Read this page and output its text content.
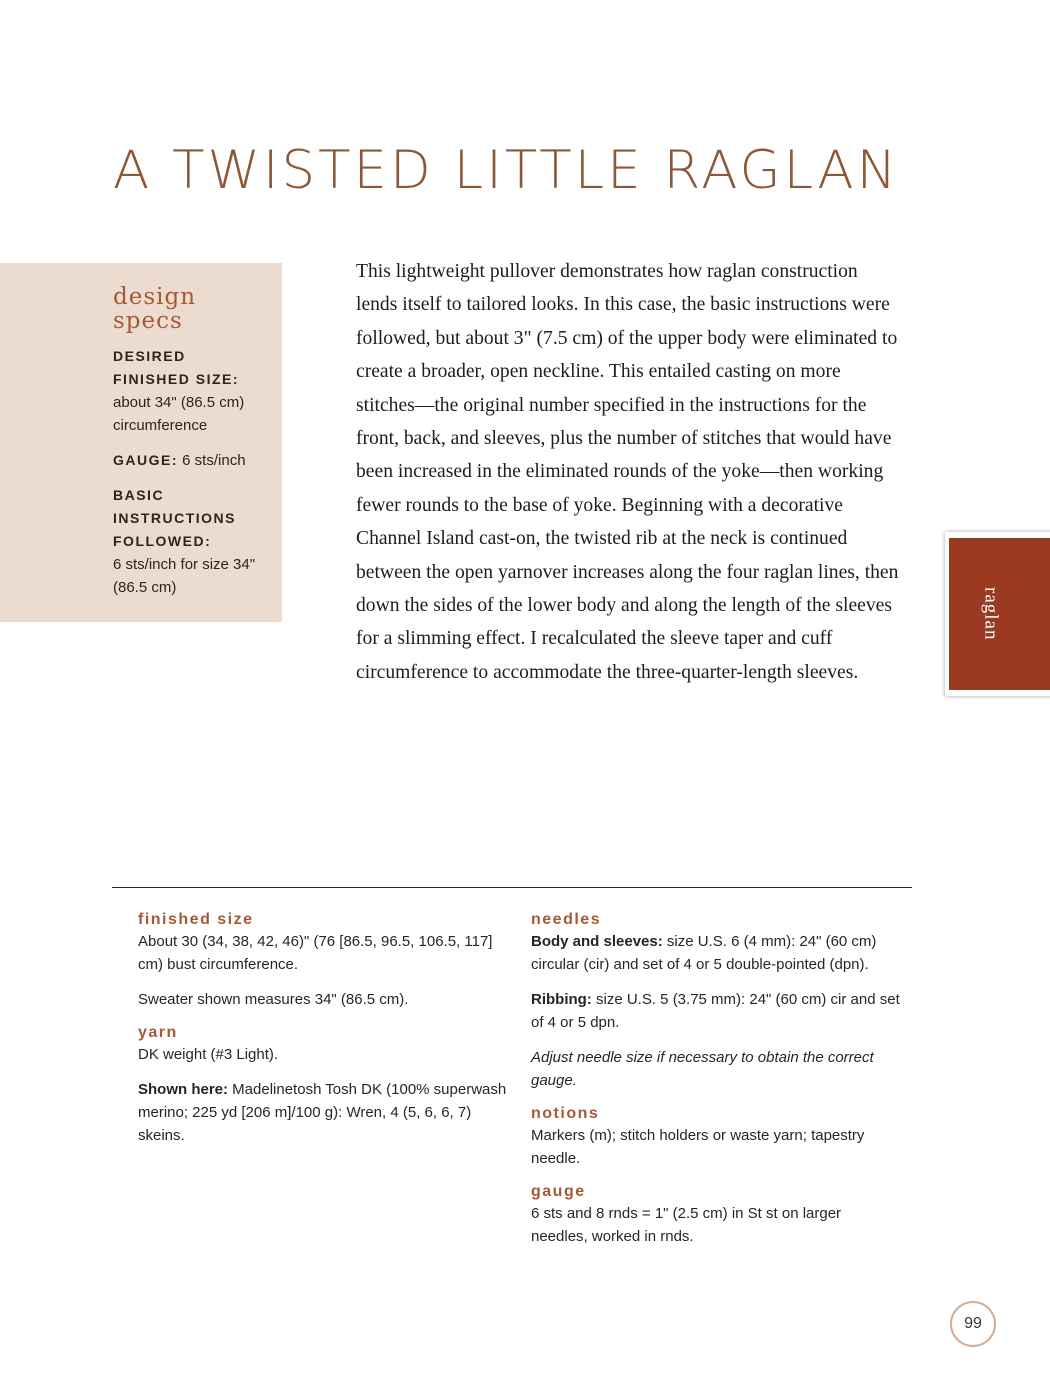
A TWISTED LITTLE RAGLAN
design
specs
DESIRED FINISHED SIZE:
about 34" (86.5 cm) circumference
GAUGE: 6 sts/inch
BASIC INSTRUCTIONS FOLLOWED:
6 sts/inch for size 34" (86.5 cm)

This lightweight pullover demonstrates how raglan construction lends itself to tailored looks. In this case, the basic instructions were followed, but about 3" (7.5 cm) of the upper body were eliminated to create a broader, open neckline. This entailed casting on more stitches—the original number specified in the instructions for the front, back, and sleeves, plus the number of stitches that would have been increased in the eliminated rounds of the yoke—then working fewer rounds to the base of yoke. Beginning with a decorative Channel Island cast-on, the twisted rib at the neck is continued between the open yarnover increases along the four raglan lines, then down the sides of the lower body and along the length of the sleeves for a slimming effect. I recalculated the sleeve taper and cuff circumference to accommodate the three-quarter-length sleeves.

raglan
finished size

About 30 (34, 38, 42, 46)" (76 [86.5, 96.5, 106.5, 117] cm) bust circumference.

Sweater shown measures 34" (86.5 cm).

yarn

DK weight (#3 Light).

Shown here: Madelinetosh Tosh DK (100% superwash merino; 225 yd [206 m]/100 g): Wren, 4 (5, 6, 6, 7) skeins.

needles

Body and sleeves: size U.S. 6 (4 mm): 24" (60 cm) circular (cir) and set of 4 or 5 double-pointed (dpn).

Ribbing: size U.S. 5 (3.75 mm): 24" (60 cm) cir and set of 4 or 5 dpn.

Adjust needle size if necessary to obtain the correct gauge.

notions

Markers (m); stitch holders or waste yarn; tapestry needle.

gauge

6 sts and 8 rnds = 1" (2.5 cm) in St st on larger needles, worked in rnds.

99
